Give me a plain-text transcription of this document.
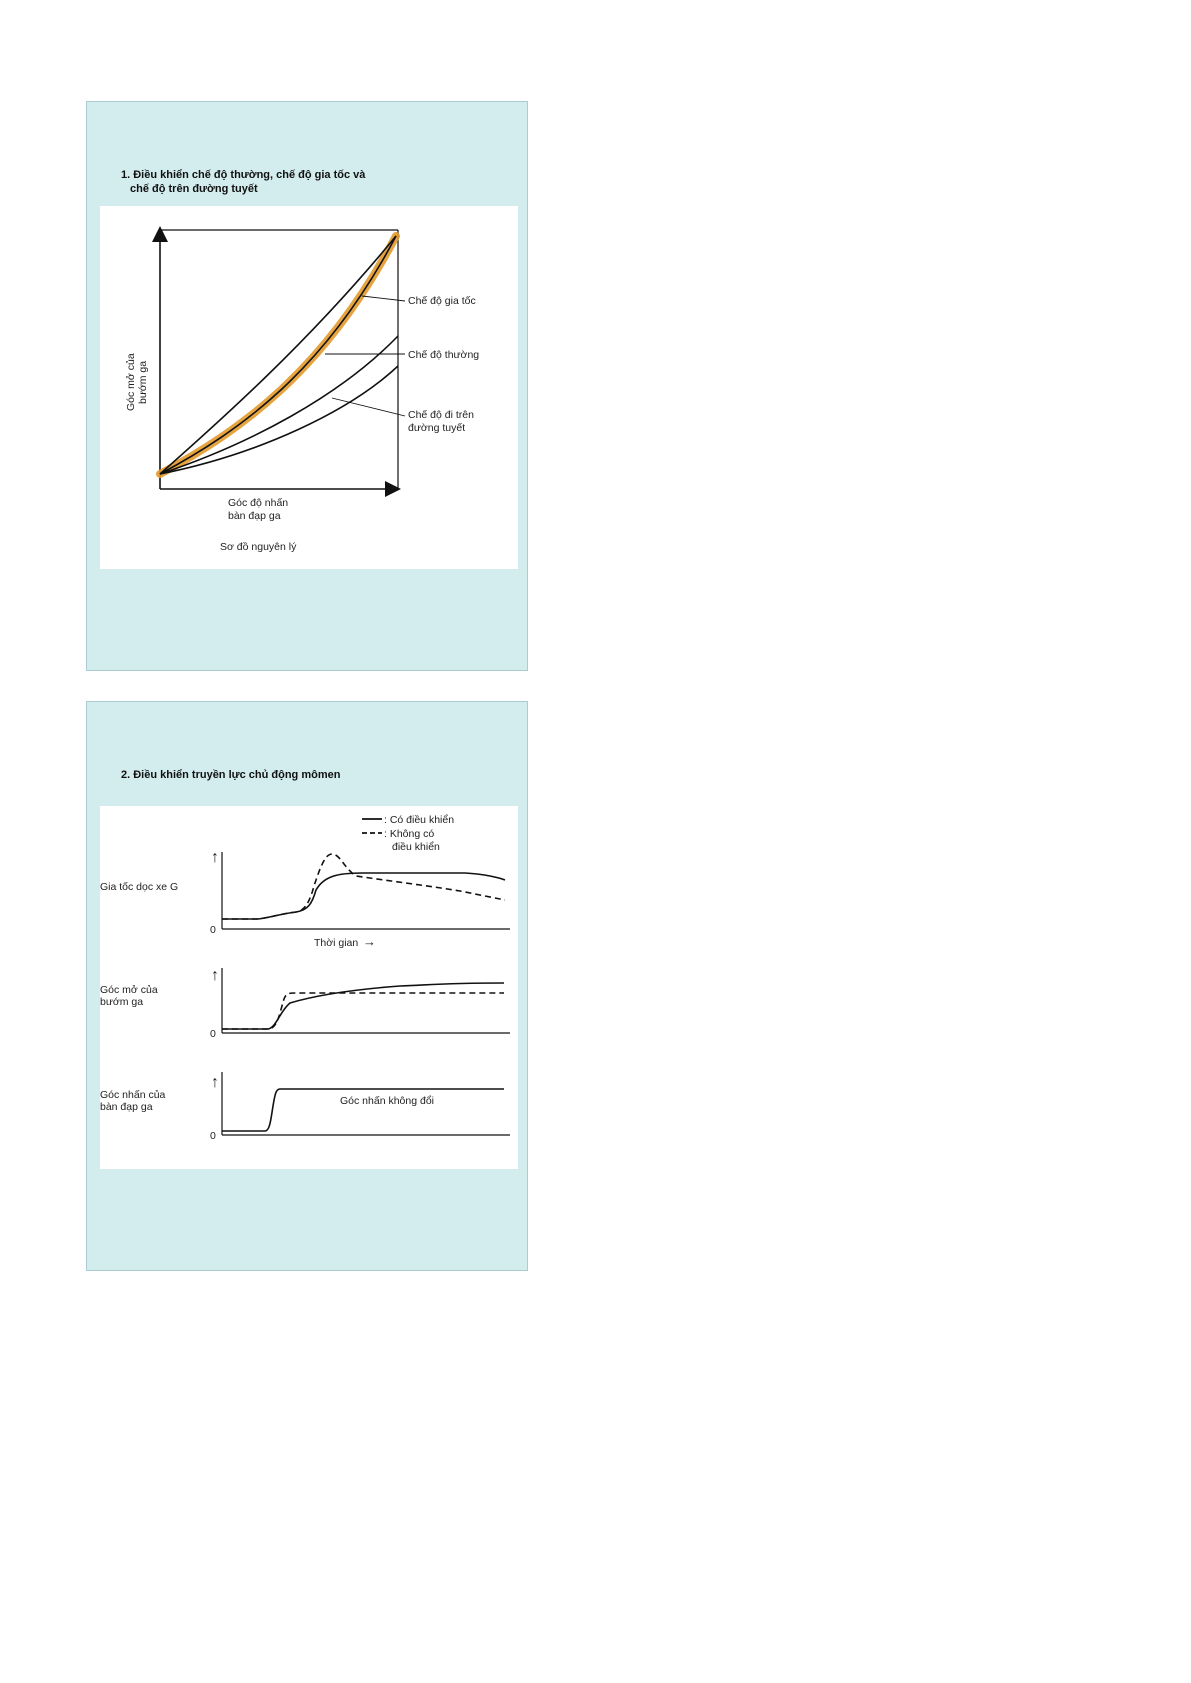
1. Điều khiển chế độ thường, chế độ gia tốc và
chế độ trên đường tuyết

Chế độ gia tốc
Chế độ thường
Chế độ đi trên
đường tuyết
Góc mở của bướm ga
Góc độ nhấn
bàn đạp ga
Sơ đồ nguyên lý

2. Điều khiển truyền lực chủ động mômen

: Có điều khiển
: Không có
điều khiển
↑
Gia tốc dọc xe G
0
Thời gian →
↑
Góc mở của
bướm ga
0
↑
Góc nhấn của
bàn đạp ga
0
Góc nhấn không đổi
